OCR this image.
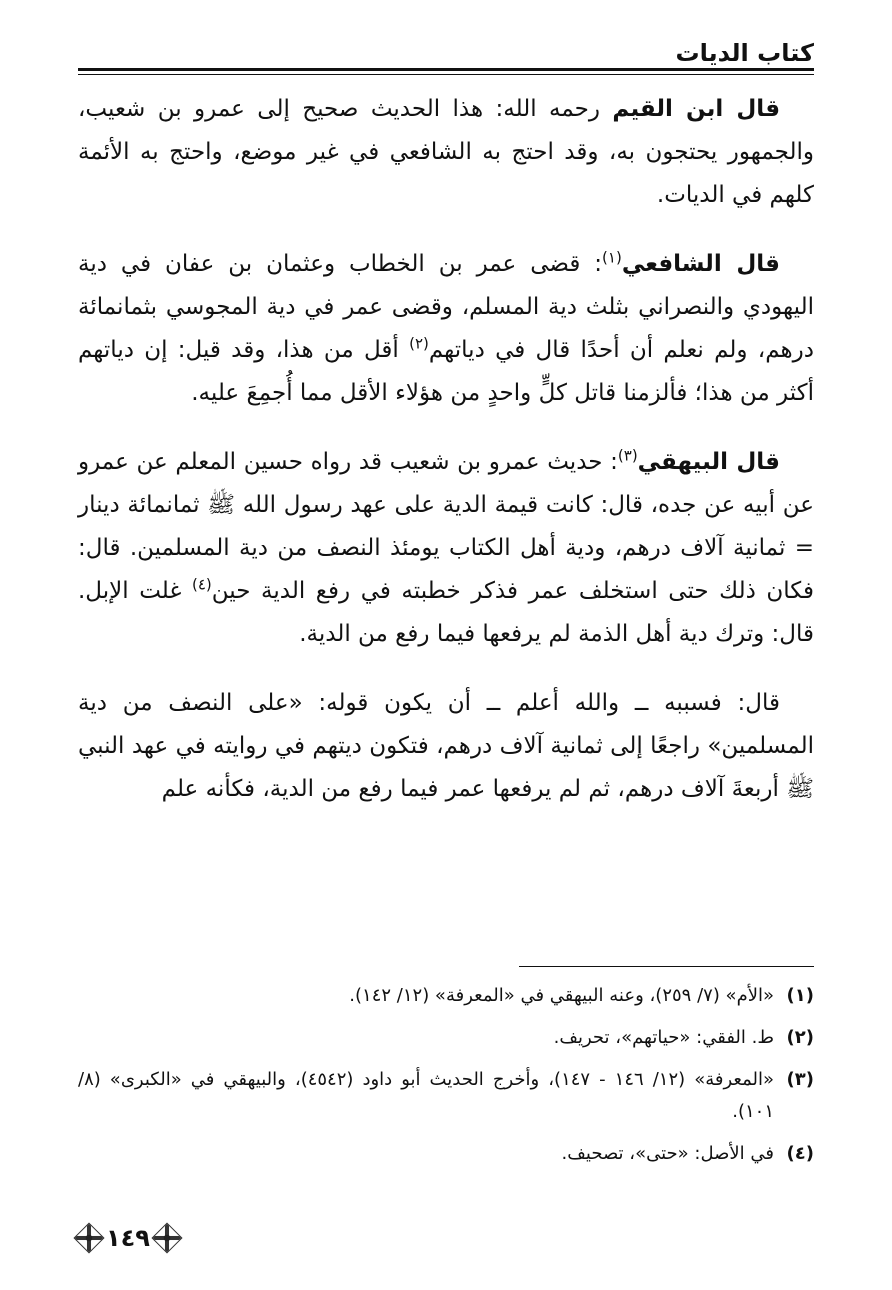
كتاب الديات

قال ابن القيم رحمه الله: هذا الحديث صحيح إلى عمرو بن شعيب، والجمهور يحتجون به، وقد احتج به الشافعي في غير موضع، واحتج به الأئمة كلهم في الديات.

قال الشافعي$^{(١)}$: قضى عمر بن الخطاب وعثمان بن عفان في دية اليهودي والنصراني بثلث دية المسلم، وقضى عمر في دية المجوسي بثمانمائة درهم، ولم نعلم أن أحدًا قال في دياتهم$^{(٢)}$ أقل من هذا، وقد قيل: إن دياتهم أكثر من هذا؛ فألزمنا قاتل كلٍّ واحدٍ من هؤلاء الأقل مما أُجمِعَ عليه.

قال البيهقي$^{(٣)}$: حديث عمرو بن شعيب قد رواه حسين المعلم عن عمرو عن أبيه عن جده، قال: كانت قيمة الدية على عهد رسول الله ﷺ ثمانمائة دينار = ثمانية آلاف درهم، ودية أهل الكتاب يومئذ النصف من دية المسلمين. قال: فكان ذلك حتى استخلف عمر فذكر خطبته في رفع الدية حين$^{(٤)}$ غلت الإبل. قال: وترك دية أهل الذمة لم يرفعها فيما رفع من الدية.

قال: فسببه ــ والله أعلم ــ أن يكون قوله: «على النصف من دية المسلمين» راجعًا إلى ثمانية آلاف درهم، فتكون ديتهم في روايته في عهد النبي ﷺ أربعةَ آلاف درهم، ثم لم يرفعها عمر فيما رفع من الدية، فكأنه علم

(١)
«الأم» (٧/ ٢٥٩)، وعنه البيهقي في «المعرفة» (١٢/ ١٤٢).
(٢)
ط. الفقي: «حياتهم»، تحريف.
(٣)
«المعرفة» (١٢/ ١٤٦ - ١٤٧)، وأخرج الحديث أبو داود (٤٥٤٢)، والبيهقي في «الكبرى» (٨/ ١٠١).
(٤)
في الأصل: «حتى»، تصحيف.
١٤٩
